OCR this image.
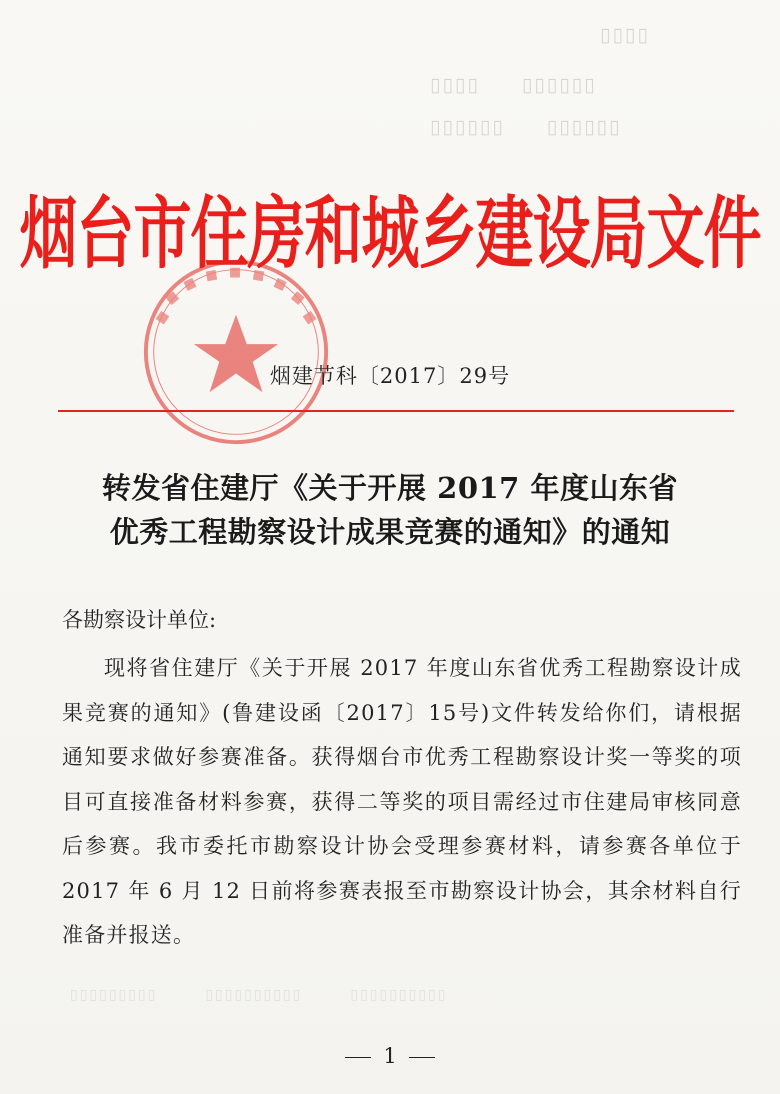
▯▯▯▯
▯▯▯▯　　▯▯▯▯▯▯
▯▯▯▯▯▯　　▯▯▯▯▯▯
▯▯▯▯▯▯▯▯▯　　　▯▯▯▯▯▯▯▯▯▯　　　▯▯▯▯▯▯▯▯▯▯
烟台市住房和城乡建设局文件
烟建节科〔2017〕29号
转发省住建厅《关于开展 2017 年度山东省
优秀工程勘察设计成果竞赛的通知》的通知
各勘察设计单位:
现将省住建厅《关于开展 2017 年度山东省优秀工程勘察设计成果竞赛的通知》(鲁建设函〔2017〕15号)文件转发给你们，请根据通知要求做好参赛准备。获得烟台市优秀工程勘察设计奖一等奖的项目可直接准备材料参赛，获得二等奖的项目需经过市住建局审核同意后参赛。我市委托市勘察设计协会受理参赛材料，请参赛各单位于 2017 年 6 月 12 日前将参赛表报至市勘察设计协会，其余材料自行准备并报送。
1
